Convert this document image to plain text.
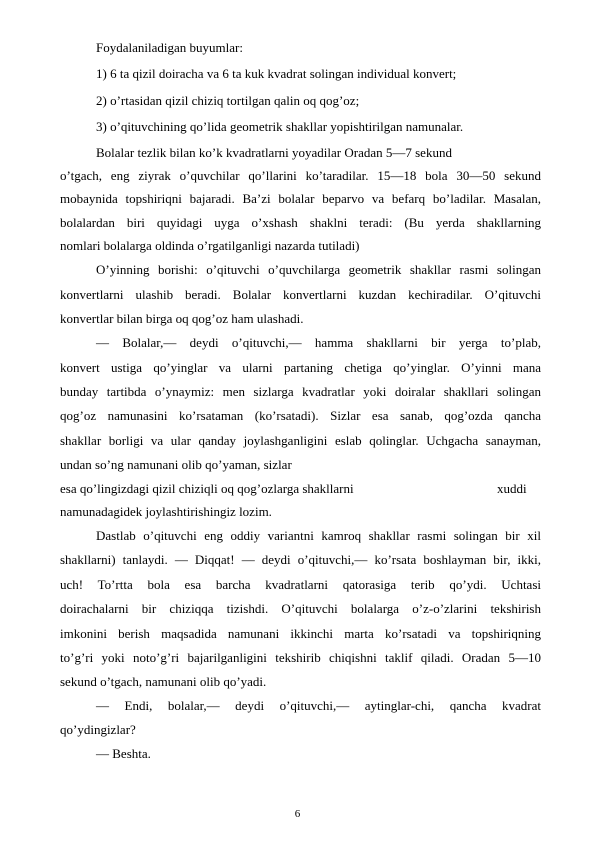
Foydalaniladigan buyumlar:
1) 6 ta qizil doiracha va 6 ta kuk kvadrat solingan individual konvert;
2) o’rtasidan qizil chiziq tortilgan qalin oq qog’oz;
3) o’qituvchining qo’lida geometrik shakllar yopishtirilgan namunalar.
Bolalar tezlik bilan ko’k kvadratlarni yoyadilar Oradan 5—7 sekund
o’tgach, eng ziyrak o’quvchilar qo’llarini ko’taradilar. 15—18 bola 30—50 sekund
mobaynida topshiriqni bajaradi. Ba’zi bolalar beparvo va befarq bo’ladilar. Masalan,
bolalardan biri quyidagi uyga o’xshash shaklni teradi: (Bu yerda shakllarning
nomlari bolalarga oldinda o’rgatilganligi nazarda tutiladi)
O’yinning borishi: o’qituvchi o’quvchilarga geometrik shakllar rasmi solingan
konvertlarni ulashib beradi. Bolalar konvertlarni kuzdan kechiradilar. O’qituvchi
konvertlar bilan birga oq qog’oz ham ulashadi.
— Bolalar,— deydi o’qituvchi,— hamma shakllarni bir yerga to’plab,
konvert ustiga qo’yinglar va ularni partaning chetiga qo’yinglar. O’yinni mana
bunday tartibda o’ynaymiz: men sizlarga kvadratlar yoki doiralar shakllari solingan
qog’oz namunasini ko’rsataman (ko’rsatadi). Sizlar esa sanab, qog’ozda qancha
shakllar borligi va ular qanday joylashganligini eslab qolinglar. Uchgacha sanayman,
undan so’ng namunani olib qo’yaman, sizlar
esa qo’lingizdagi qizil chiziqli oq qog’ozlarga shakllarni	xuddi
namunadagidek joylashtirishingiz lozim.
Dastlab o’qituvchi eng oddiy variantni kamroq shakllar rasmi solingan bir xil
shakllarni) tanlaydi. — Diqqat! — deydi o’qituvchi,— ko’rsata boshlayman bir, ikki,
uch! To’rtta bola esa barcha kvadratlarni qatorasiga terib qo’ydi. Uchtasi
doirachalarni bir chiziqqa tizishdi. O’qituvchi bolalarga o’z-o’zlarini tekshirish
imkonini berish maqsadida namunani ikkinchi marta ko’rsatadi va topshiriqning
to’g’ri yoki noto’g’ri bajarilganligini tekshirib chiqishni taklif qiladi. Oradan 5—10
sekund o’tgach, namunani olib qo’yadi.
— Endi, bolalar,— deydi o’qituvchi,— aytinglar-chi, qancha kvadrat
qo’ydingizlar?
— Beshta.
6
